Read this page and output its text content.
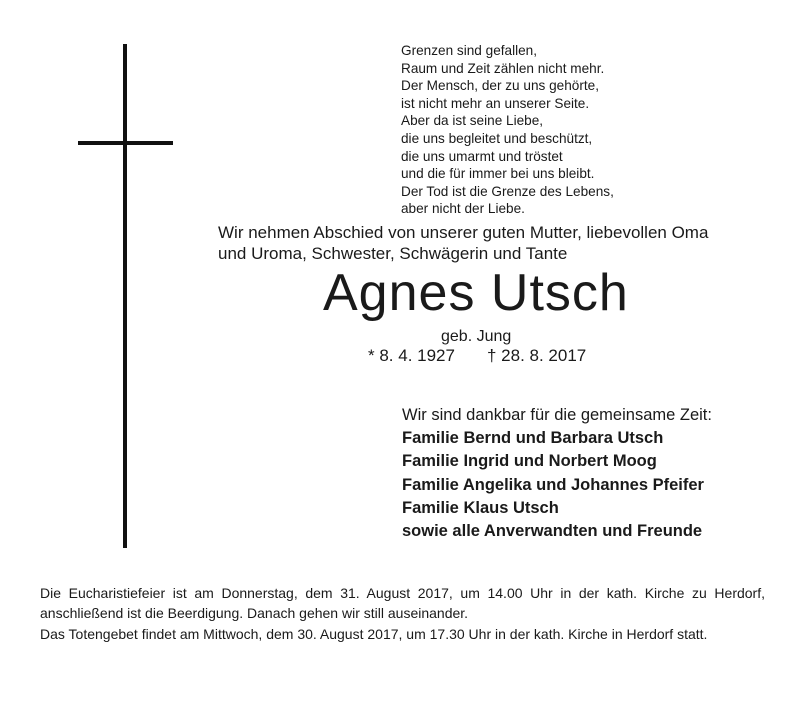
Grenzen sind gefallen,
Raum und Zeit zählen nicht mehr.
Der Mensch, der zu uns gehörte,
ist nicht mehr an unserer Seite.
Aber da ist seine Liebe,
die uns begleitet und beschützt,
die uns umarmt und tröstet
und die für immer bei uns bleibt.
Der Tod ist die Grenze des Lebens,
aber nicht der Liebe.
Wir nehmen Abschied von unserer guten Mutter, liebevollen Oma
und Uroma, Schwester, Schwägerin und Tante
Agnes Utsch
geb. Jung
* 8. 4. 1927 † 28. 8. 2017
Wir sind dankbar für die gemeinsame Zeit:
Familie Bernd und Barbara Utsch
Familie Ingrid und Norbert Moog
Familie Angelika und Johannes Pfeifer
Familie Klaus Utsch
sowie alle Anverwandten und Freunde
Die Eucharistiefeier ist am Donnerstag, dem 31. August 2017, um 14.00 Uhr in der kath. Kirche zu Herdorf, anschließend ist die Beerdigung. Danach gehen wir still auseinander.
Das Totengebet findet am Mittwoch, dem 30. August 2017, um 17.30 Uhr in der kath. Kirche in Herdorf statt.
